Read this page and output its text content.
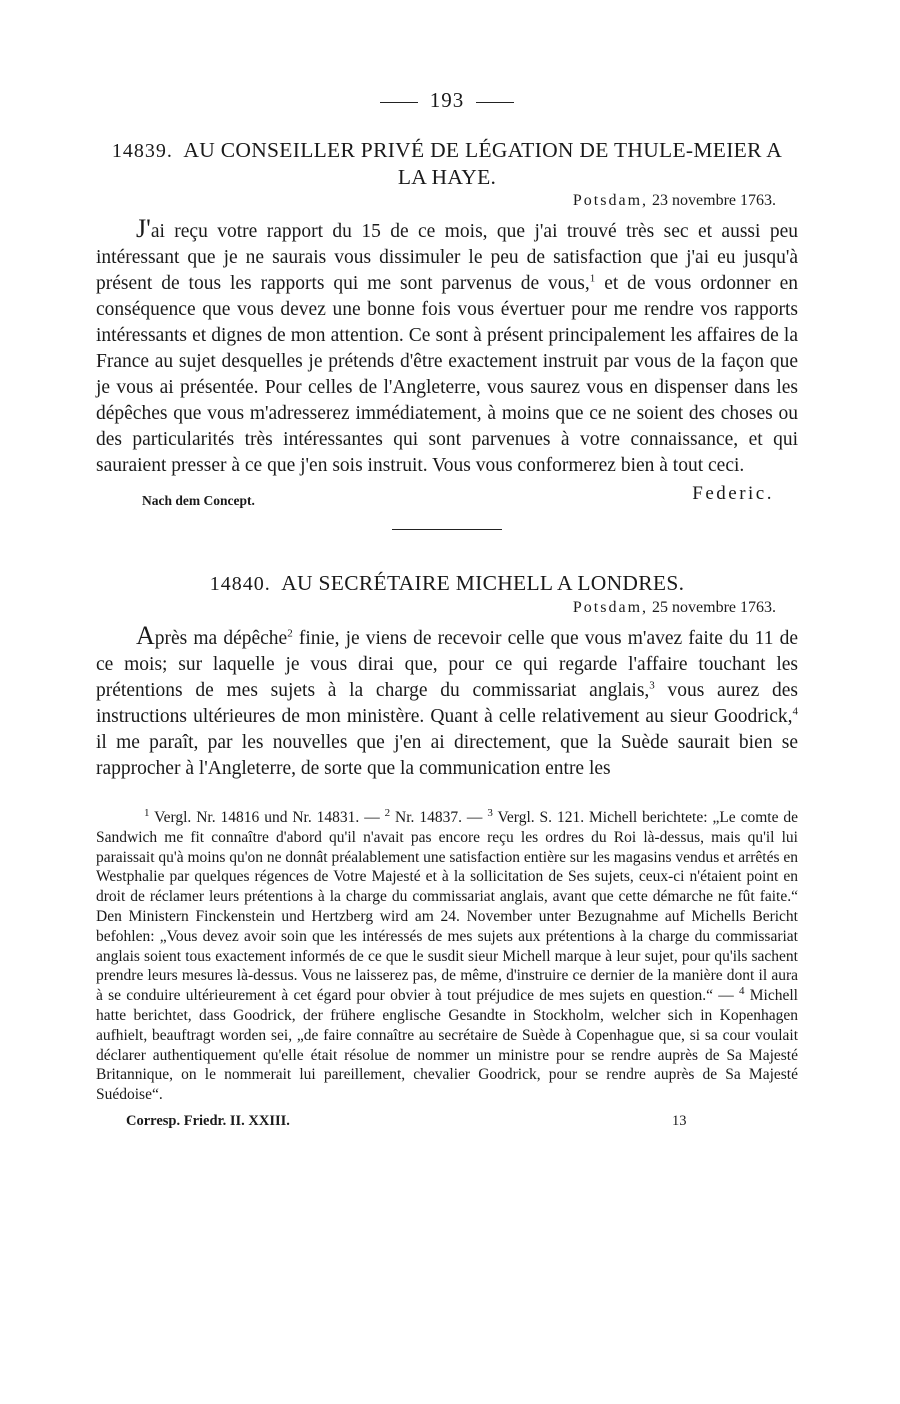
193
14839. AU CONSEILLER PRIVÉ DE LÉGATION DE THULE-MEIER A LA HAYE.
Potsdam, 23 novembre 1763.

J'ai reçu votre rapport du 15 de ce mois, que j'ai trouvé très sec et aussi peu intéressant que je ne saurais vous dissimuler le peu de satisfaction que j'ai eu jusqu'à présent de tous les rapports qui me sont parvenus de vous,$^1$ et de vous ordonner en conséquence que vous devez une bonne fois vous évertuer pour me rendre vos rapports intéressants et dignes de mon attention. Ce sont à présent principalement les affaires de la France au sujet desquelles je prétends d'être exactement instruit par vous de la façon que je vous ai présentée. Pour celles de l'Angleterre, vous saurez vous en dispenser dans les dépêches que vous m'adresserez immédiatement, à moins que ce ne soient des choses ou des particularités très intéressantes qui sont parvenues à votre connaissance, et qui sauraient presser à ce que j'en sois instruit. Vous vous conformerez bien à tout ceci.

Nach dem Concept.	Federic.
14840. AU SECRÉTAIRE MICHELL A LONDRES.
Potsdam, 25 novembre 1763.

Après ma dépêche$^2$ finie, je viens de recevoir celle que vous m'avez faite du 11 de ce mois; sur laquelle je vous dirai que, pour ce qui regarde l'affaire touchant les prétentions de mes sujets à la charge du commissariat anglais,$^3$ vous aurez des instructions ultérieures de mon ministère. Quant à celle relativement au sieur Goodrick,$^4$ il me paraît, par les nouvelles que j'en ai directement, que la Suède saurait bien se rapprocher à l'Angleterre, de sorte que la communication entre les

$^1$ Vergl. Nr. 14816 und Nr. 14831. — $^2$ Nr. 14837. — $^3$ Vergl. S. 121. Michell berichtete: „Le comte de Sandwich me fit connaître d'abord qu'il n'avait pas encore reçu les ordres du Roi là-dessus, mais qu'il lui paraissait qu'à moins qu'on ne donnât préalablement une satisfaction entière sur les magasins vendus et arrêtés en Westphalie par quelques régences de Votre Majesté et à la sollicitation de Ses sujets, ceux-ci n'étaient point en droit de réclamer leurs prétentions à la charge du commissariat anglais, avant que cette démarche ne fût faite.“ Den Ministern Finckenstein und Hertzberg wird am 24. November unter Bezugnahme auf Michells Bericht befohlen: „Vous devez avoir soin que les intéressés de mes sujets aux prétentions à la charge du commissariat anglais soient tous exactement informés de ce que le susdit sieur Michell marque à leur sujet, pour qu'ils sachent prendre leurs mesures là-dessus. Vous ne laisserez pas, de même, d'instruire ce dernier de la manière dont il aura à se conduire ultérieurement à cet égard pour obvier à tout préjudice de mes sujets en question.“ — $^4$ Michell hatte berichtet, dass Goodrick, der frühere englische Gesandte in Stockholm, welcher sich in Kopenhagen aufhielt, beauftragt worden sei, „de faire connaître au secrétaire de Suède à Copenhague que, si sa cour voulait déclarer authentiquement qu'elle était résolue de nommer un ministre pour se rendre auprès de Sa Majesté Britannique, on le nommerait lui pareillement, chevalier Goodrick, pour se rendre auprès de Sa Majesté Suédoise“.
Corresp. Friedr. II. XXIII.	13
